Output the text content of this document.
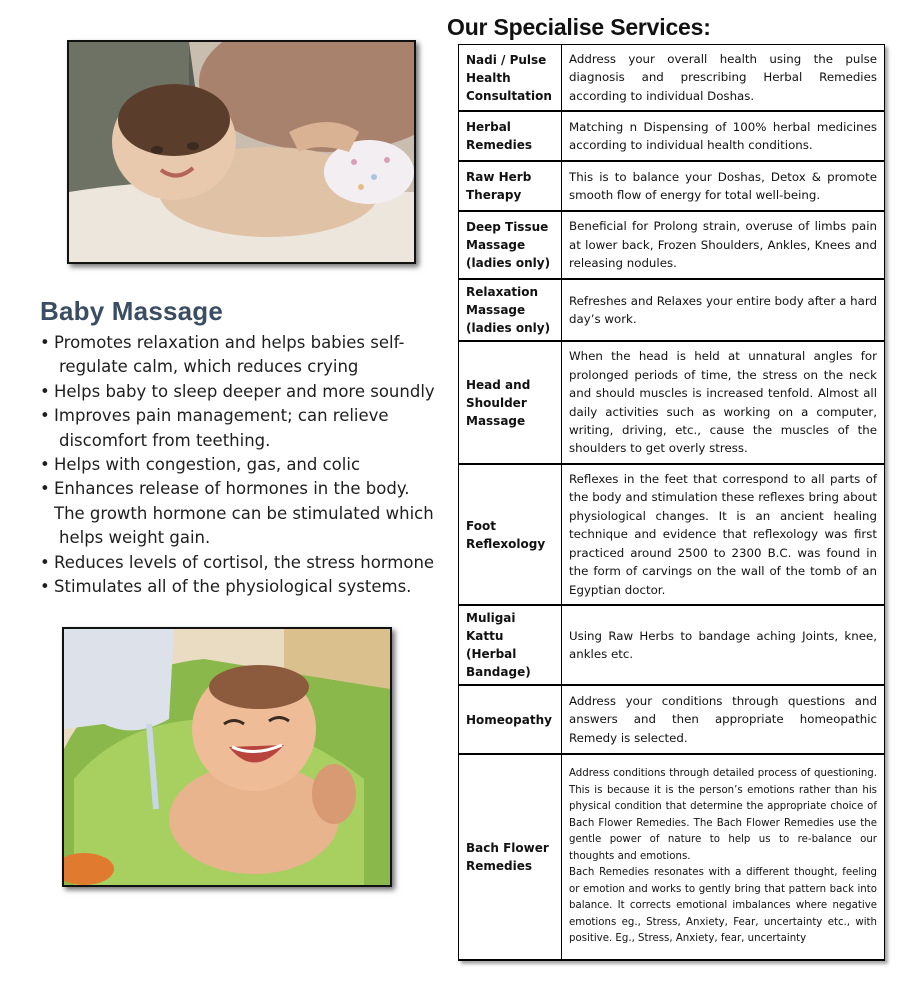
Baby Massage
• Promotes relaxation and helps babies self-
regulate calm, which reduces crying
• Helps baby to sleep deeper and more soundly
• Improves pain management; can relieve
discomfort from teething.
• Helps with congestion, gas, and colic
• Enhances release of hormones in the body.
The growth hormone can be stimulated which
helps weight gain.
• Reduces levels of cortisol, the stress hormone
• Stimulates all of the physiological systems.
Our Specialise Services:
Nadi / Pulse Health Consultation	Address your overall health using the pulse diagnosis and prescribing Herbal Remedies according to individual Doshas.
Herbal Remedies	Matching n Dispensing of 100% herbal medicines according to individual health conditions.
Raw Herb Therapy	This is to balance your Doshas, Detox & promote smooth flow of energy for total well-being.
Deep Tissue Massage (ladies only)	Beneficial for Prolong strain, overuse of limbs pain at lower back, Frozen Shoulders, Ankles, Knees and releasing nodules.
Relaxation Massage (ladies only)	Refreshes and Relaxes your entire body after a hard day’s work.
Head and Shoulder Massage	When the head is held at unnatural angles for prolonged periods of time, the stress on the neck and should muscles is increased tenfold. Almost all daily activities such as working on a computer, writing, driving, etc., cause the muscles of the shoulders to get overly stress.
Foot Reflexology	Reflexes in the feet that correspond to all parts of the body and stimulation these reflexes bring about physiological changes. It is an ancient healing technique and evidence that reflexology was first practiced around 2500 to 2300 B.C. was found in the form of carvings on the wall of the tomb of an Egyptian doctor.
Muligai Kattu (Herbal Bandage)	Using Raw Herbs to bandage aching Joints, knee, ankles etc.
Homeopathy	Address your conditions through questions and answers and then appropriate homeopathic Remedy is selected.
Bach Flower Remedies	Address conditions through detailed process of questioning. This is because it is the person’s emotions rather than his physical condition that determine the appropriate choice of Bach Flower Remedies. The Bach Flower Remedies use the gentle power of nature to help us to re-balance our thoughts and emotions.

Bach Remedies resonates with a different thought, feeling or emotion and works to gently bring that pattern back into balance. It corrects emotional imbalances where negative emotions eg., Stress, Anxiety, Fear, uncertainty etc., with positive. Eg., Stress, Anxiety, fear, uncertainty
